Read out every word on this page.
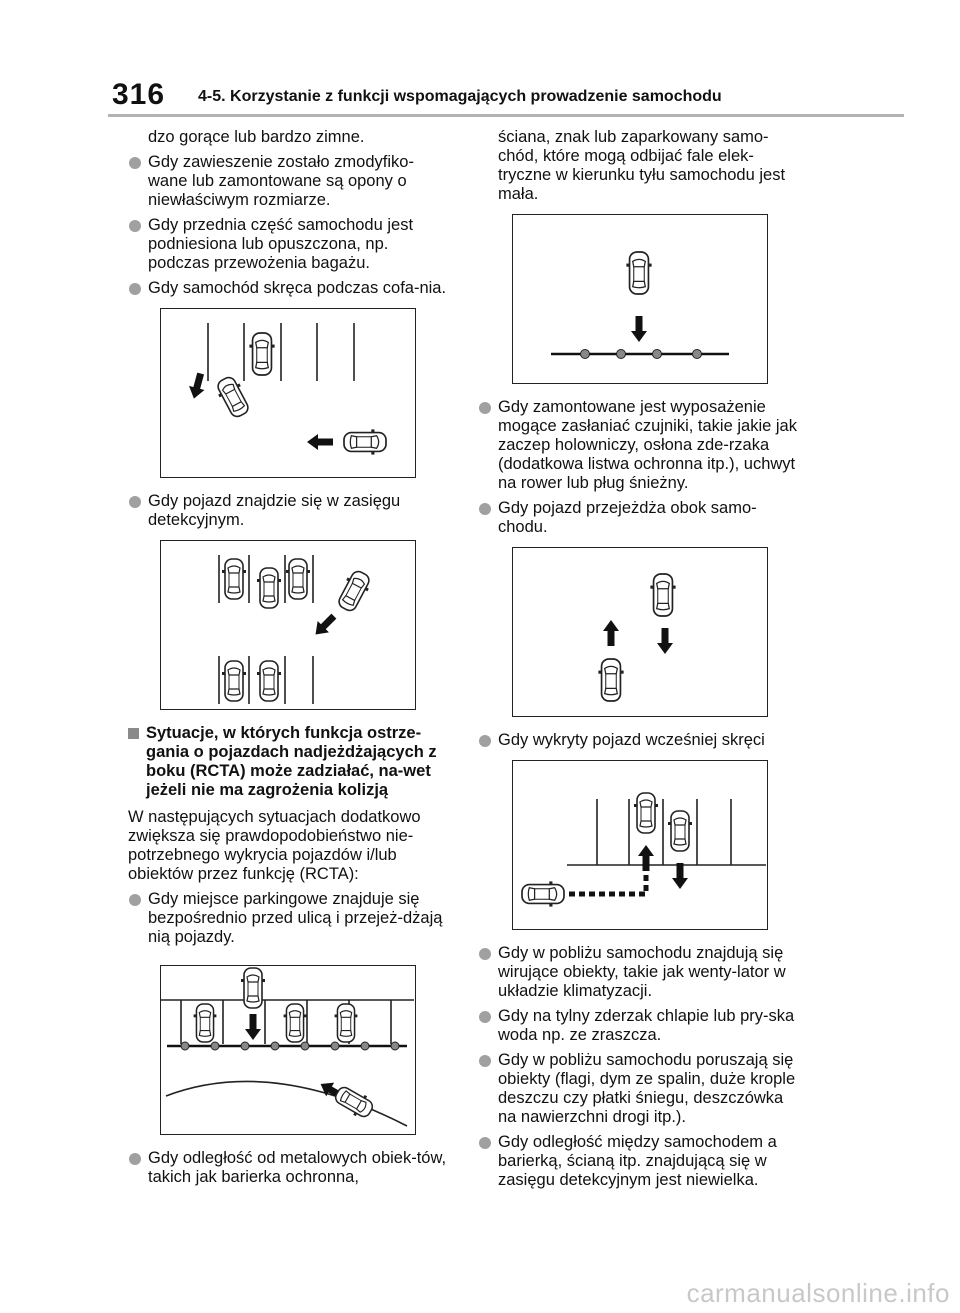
316 4-5. Korzystanie z funkcji wspomagających prowadzenie samochodu

dzo gorące lub bardzo zimne.

Gdy zawieszenie zostało zmodyfiko-wane lub zamontowane są opony o niewłaściwym rozmiarze.
Gdy przednia część samochodu jest podniesiona lub opuszczona, np. podczas przewożenia bagażu.
Gdy samochód skręca podczas cofa-nia.
Gdy pojazd znajdzie się w zasięgu detekcyjnym.
Sytuacje, w których funkcja ostrze-gania o pojazdach nadjeżdżających z boku (RCTA) może zadziałać, na-wet jeżeli nie ma zagrożenia kolizją

W następujących sytuacjach dodatkowo zwiększa się prawdopodobieństwo nie-potrzebnego wykrycia pojazdów i/lub obiektów przez funkcję (RCTA):

Gdy miejsce parkingowe znajduje się bezpośrednio przed ulicą i przejeż-dżają nią pojazdy.
Gdy odległość od metalowych obiek-tów, takich jak barierka ochronna,

ściana, znak lub zaparkowany samo-chód, które mogą odbijać fale elek-tryczne w kierunku tyłu samochodu jest mała.

Gdy zamontowane jest wyposażenie mogące zasłaniać czujniki, takie jakie jak zaczep holowniczy, osłona zde-rzaka (dodatkowa listwa ochronna itp.), uchwyt na rower lub pług śnieżny.
Gdy pojazd przejeżdża obok samo-chodu.
Gdy wykryty pojazd wcześniej skręci
Gdy w pobliżu samochodu znajdują się wirujące obiekty, takie jak wenty-lator w układzie klimatyzacji.
Gdy na tylny zderzak chlapie lub pry-ska woda np. ze zraszcza.
Gdy w pobliżu samochodu poruszają się obiekty (flagi, dym ze spalin, duże krople deszczu czy płatki śniegu, deszczówka na nawierzchni drogi itp.).
Gdy odległość między samochodem a barierką, ścianą itp. znajdującą się w zasięgu detekcyjnym jest niewielka.
carmanualsonline.info
